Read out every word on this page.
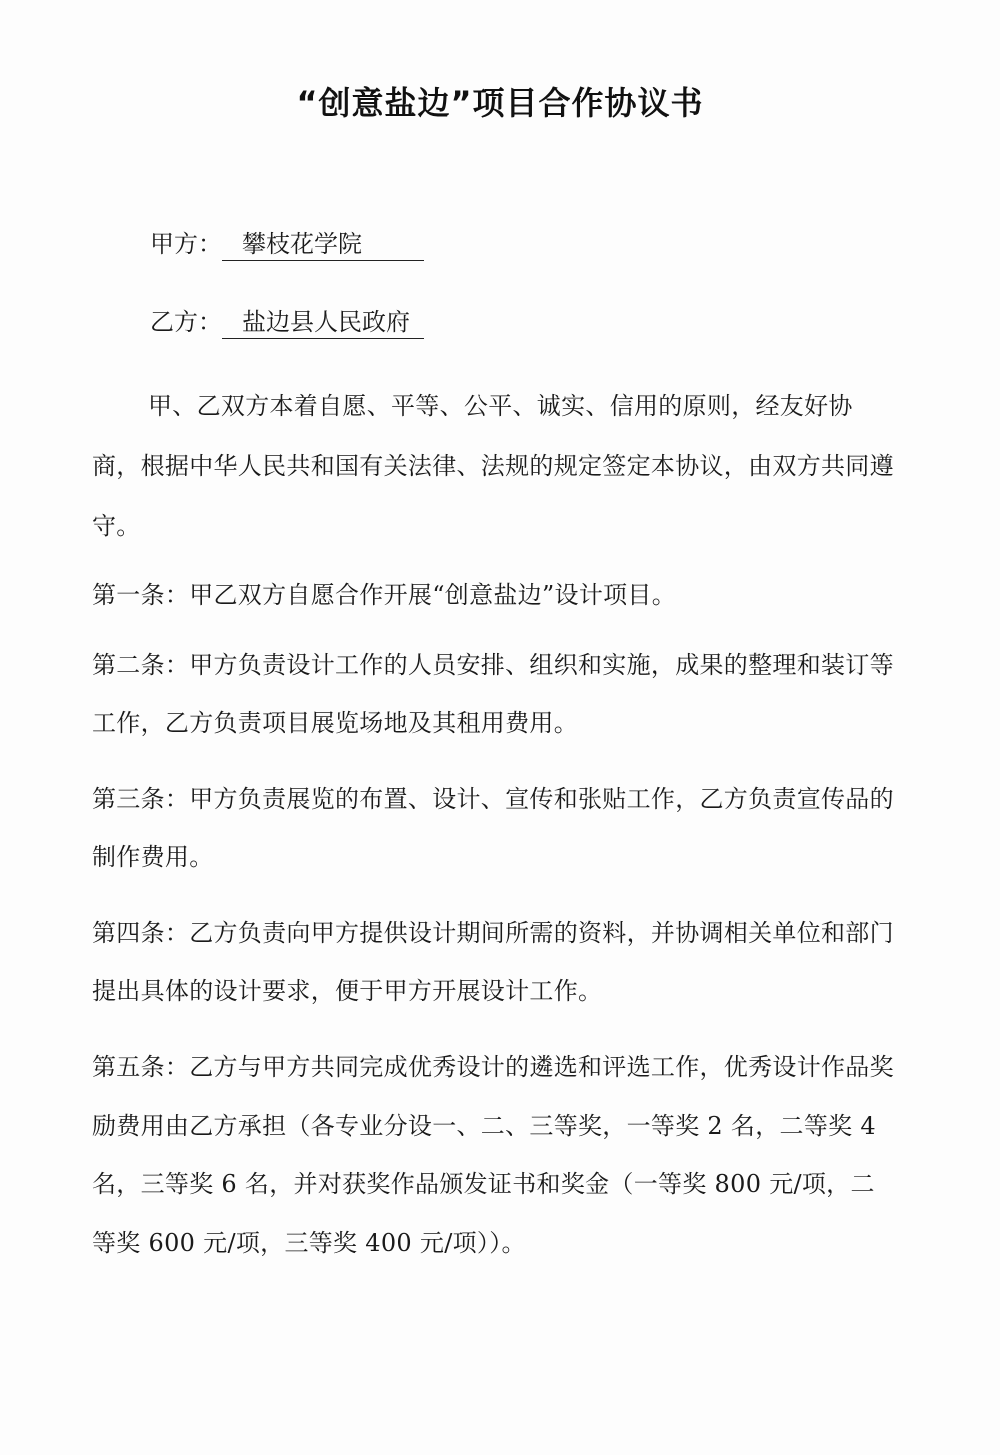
“创意盐边”项目合作协议书
甲方： 攀枝花学院
乙方： 盐边县人民政府
甲、乙双方本着自愿、平等、公平、诚实、信用的原则，经友好协商，根据中华人民共和国有关法律、法规的规定签定本协议，由双方共同遵守。
第一条：甲乙双方自愿合作开展“创意盐边”设计项目。
第二条：甲方负责设计工作的人员安排、组织和实施，成果的整理和装订等工作，乙方负责项目展览场地及其租用费用。
第三条：甲方负责展览的布置、设计、宣传和张贴工作，乙方负责宣传品的制作费用。
第四条：乙方负责向甲方提供设计期间所需的资料，并协调相关单位和部门提出具体的设计要求，便于甲方开展设计工作。
第五条：乙方与甲方共同完成优秀设计的遴选和评选工作，优秀设计作品奖励费用由乙方承担（各专业分设一、二、三等奖，一等奖 2 名，二等奖 4 名，三等奖 6 名，并对获奖作品颁发证书和奖金（一等奖 800 元/项，二等奖 600 元/项，三等奖 400 元/项））。
